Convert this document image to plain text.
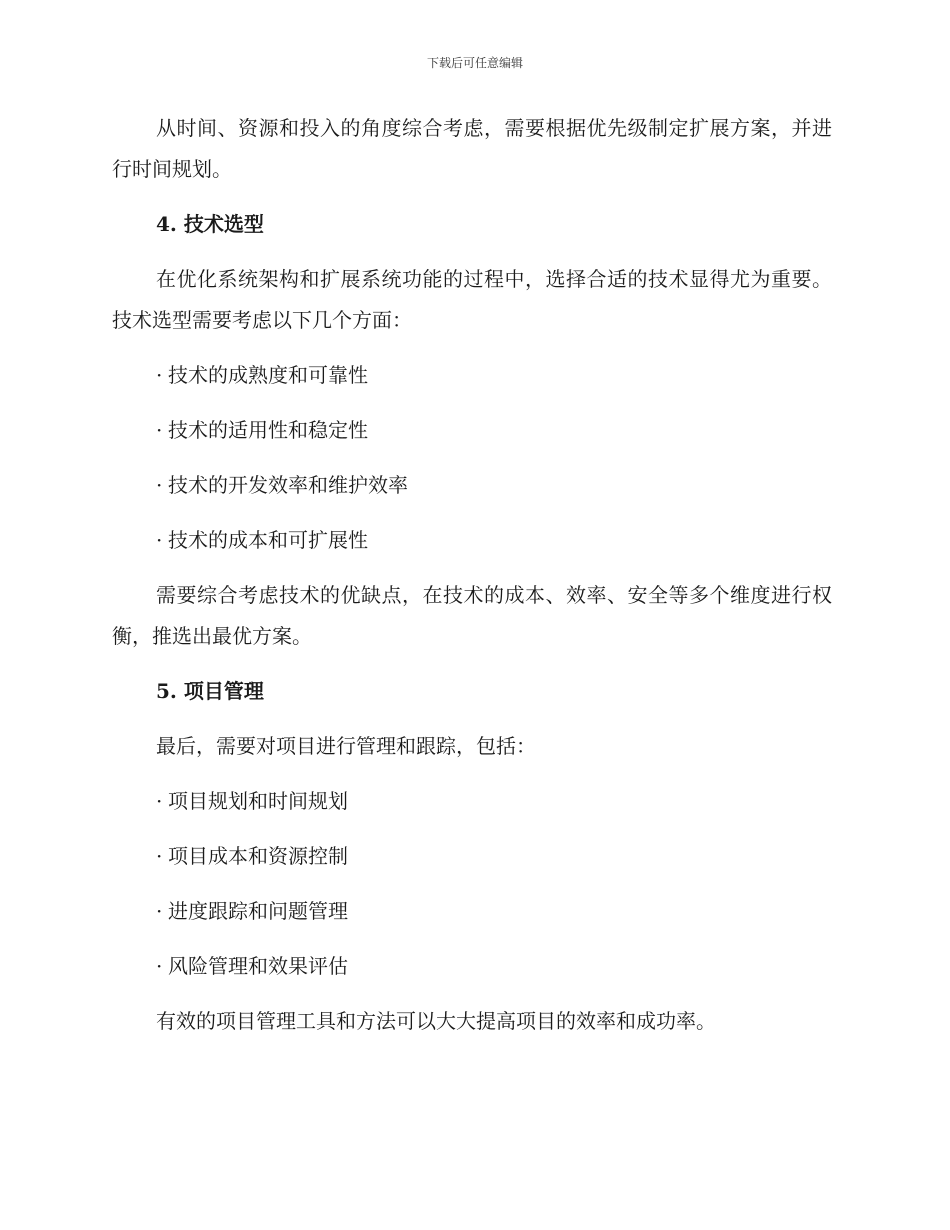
下载后可任意编辑

从时间、资源和投入的角度综合考虑，需要根据优先级制定扩展方案，并进行时间规划。

4. 技术选型

在优化系统架构和扩展系统功能的过程中，选择合适的技术显得尤为重要。技术选型需要考虑以下几个方面：

· 技术的成熟度和可靠性
· 技术的适用性和稳定性
· 技术的开发效率和维护效率
· 技术的成本和可扩展性

需要综合考虑技术的优缺点，在技术的成本、效率、安全等多个维度进行权衡，推选出最优方案。

5. 项目管理

最后，需要对项目进行管理和跟踪，包括：

· 项目规划和时间规划
· 项目成本和资源控制
· 进度跟踪和问题管理
· 风险管理和效果评估

有效的项目管理工具和方法可以大大提高项目的效率和成功率。
